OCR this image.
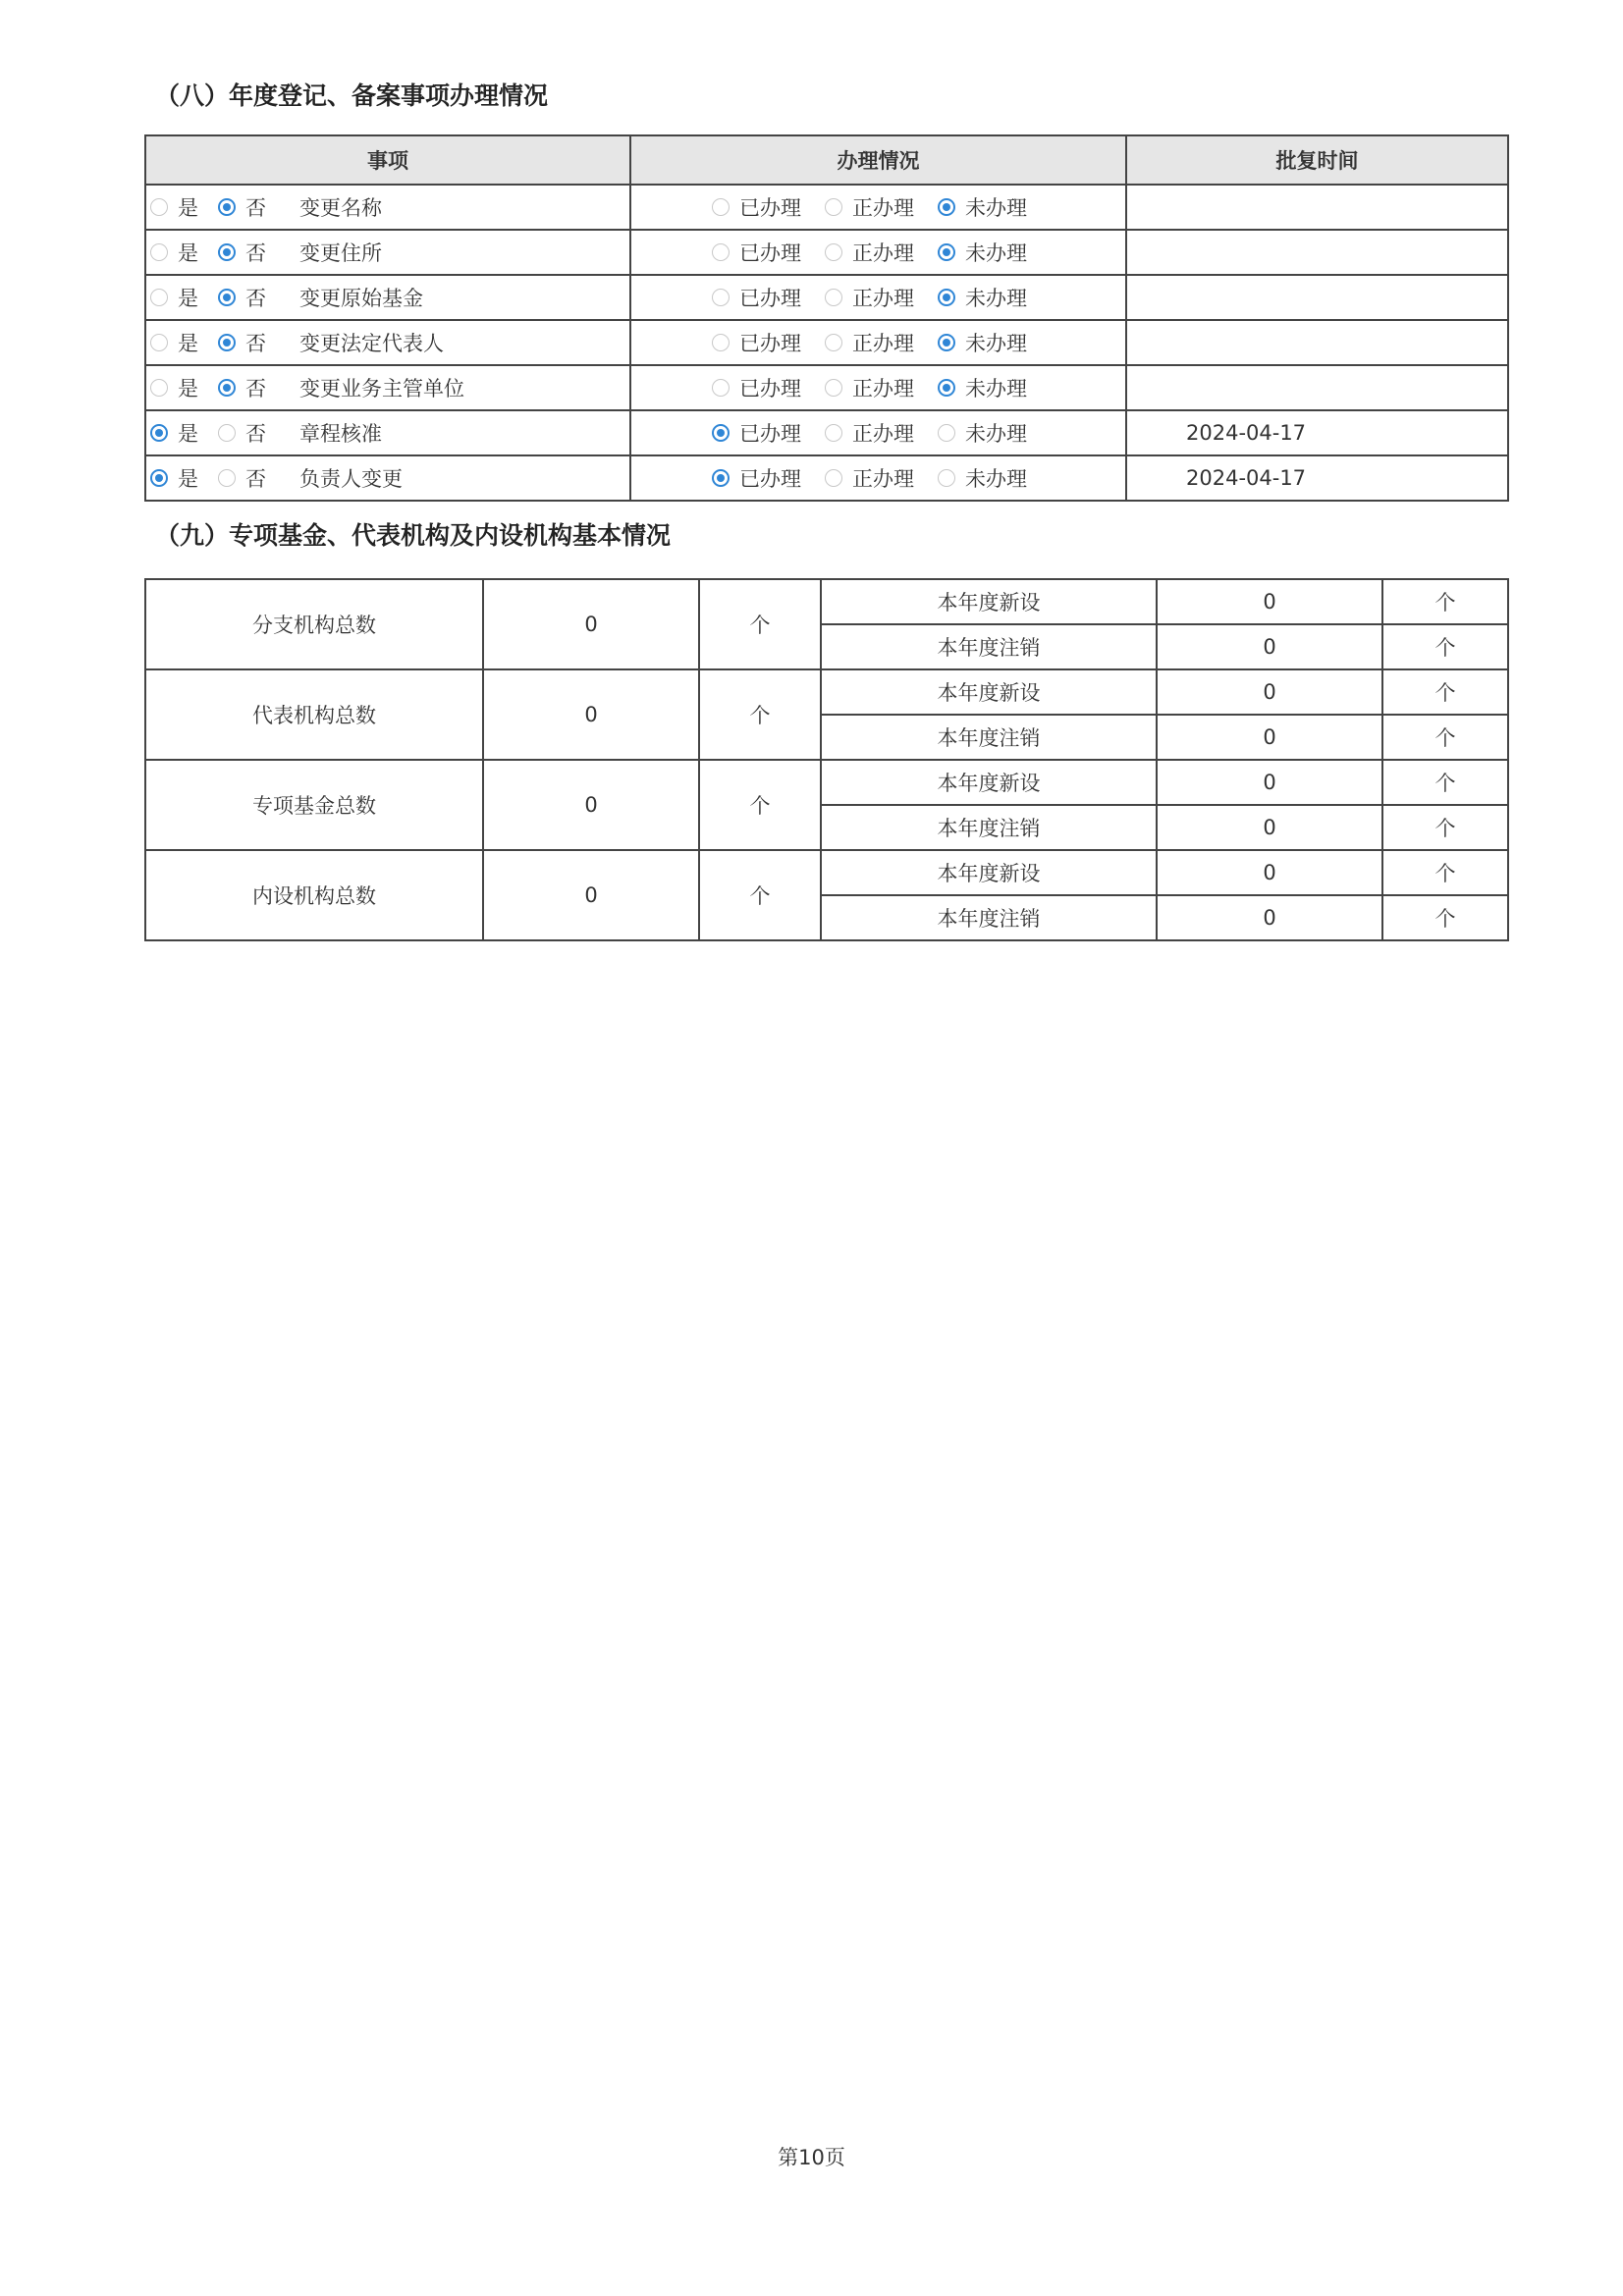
（八）年度登记、备案事项办理情况
事项	办理情况	批复时间
是 否 变更名称	已办理 正办理 未办理	
是 否 变更住所	已办理 正办理 未办理	
是 否 变更原始基金	已办理 正办理 未办理	
是 否 变更法定代表人	已办理 正办理 未办理	
是 否 变更业务主管单位	已办理 正办理 未办理	
是 否 章程核准	已办理 正办理 未办理	2024-04-17
是 否 负责人变更	已办理 正办理 未办理	2024-04-17
（九）专项基金、代表机构及内设机构基本情况
分支机构总数	0	个	本年度新设	0	个
			本年度注销	0	个
代表机构总数	0	个	本年度新设	0	个
			本年度注销	0	个
专项基金总数	0	个	本年度新设	0	个
			本年度注销	0	个
内设机构总数	0	个	本年度新设	0	个
			本年度注销	0	个
第10页
